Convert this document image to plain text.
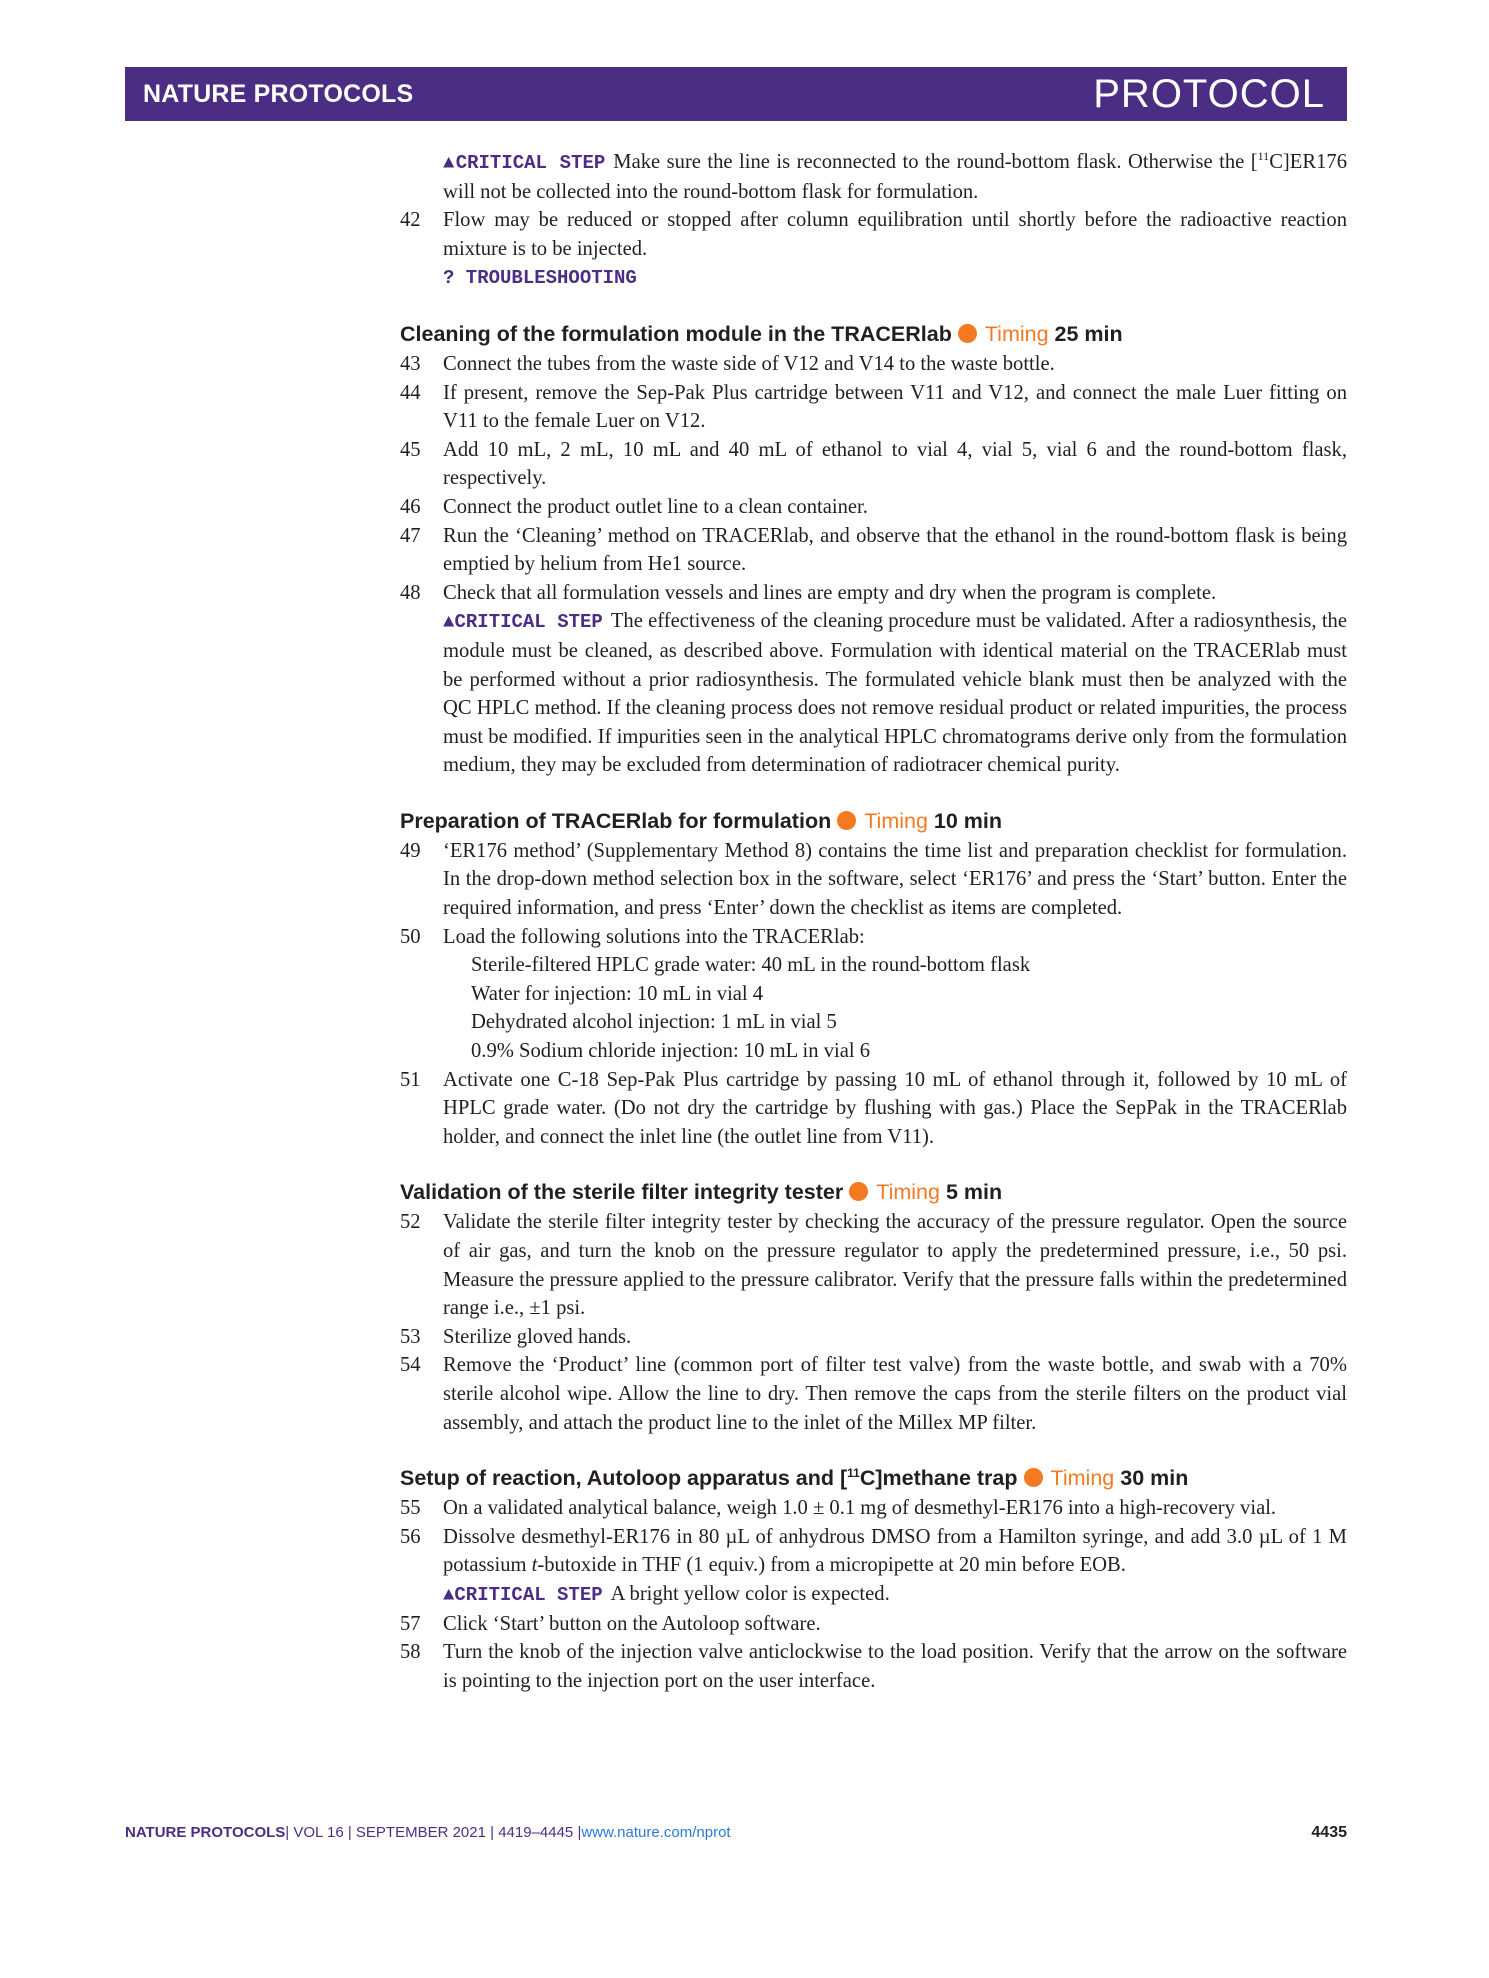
NATURE PROTOCOLS	PROTOCOL
▲CRITICAL STEP Make sure the line is reconnected to the round-bottom flask. Otherwise the [$^{11}$C]ER176 will not be collected into the round-bottom flask for formulation.
42 Flow may be reduced or stopped after column equilibration until shortly before the radioactive reaction mixture is to be injected.
? TROUBLESHOOTING
Cleaning of the formulation module in the TRACERlab Timing 25 min
43 Connect the tubes from the waste side of V12 and V14 to the waste bottle.
44 If present, remove the Sep-Pak Plus cartridge between V11 and V12, and connect the male Luer fitting on V11 to the female Luer on V12.
45 Add 10 mL, 2 mL, 10 mL and 40 mL of ethanol to vial 4, vial 5, vial 6 and the round-bottom flask, respectively.
46 Connect the product outlet line to a clean container.
47 Run the ‘Cleaning’ method on TRACERlab, and observe that the ethanol in the round-bottom flask is being emptied by helium from He1 source.
48 Check that all formulation vessels and lines are empty and dry when the program is complete.
▲CRITICAL STEP The effectiveness of the cleaning procedure must be validated. After a radiosynthesis, the module must be cleaned, as described above. Formulation with identical material on the TRACERlab must be performed without a prior radiosynthesis. The formulated vehicle blank must then be analyzed with the QC HPLC method. If the cleaning process does not remove residual product or related impurities, the process must be modified. If impurities seen in the analytical HPLC chromatograms derive only from the formulation medium, they may be excluded from determination of radiotracer chemical purity.
Preparation of TRACERlab for formulation Timing 10 min
49 ‘ER176 method’ (Supplementary Method 8) contains the time list and preparation checklist for formulation. In the drop-down method selection box in the software, select ‘ER176’ and press the ‘Start’ button. Enter the required information, and press ‘Enter’ down the checklist as items are completed.
50 Load the following solutions into the TRACERlab:
Sterile-filtered HPLC grade water: 40 mL in the round-bottom flask
Water for injection: 10 mL in vial 4
Dehydrated alcohol injection: 1 mL in vial 5
0.9% Sodium chloride injection: 10 mL in vial 6
51 Activate one C-18 Sep-Pak Plus cartridge by passing 10 mL of ethanol through it, followed by 10 mL of HPLC grade water. (Do not dry the cartridge by flushing with gas.) Place the SepPak in the TRACERlab holder, and connect the inlet line (the outlet line from V11).
Validation of the sterile filter integrity tester Timing 5 min
52 Validate the sterile filter integrity tester by checking the accuracy of the pressure regulator. Open the source of air gas, and turn the knob on the pressure regulator to apply the predetermined pressure, i.e., 50 psi. Measure the pressure applied to the pressure calibrator. Verify that the pressure falls within the predetermined range i.e., ±1 psi.
53 Sterilize gloved hands.
54 Remove the ‘Product’ line (common port of filter test valve) from the waste bottle, and swab with a 70% sterile alcohol wipe. Allow the line to dry. Then remove the caps from the sterile filters on the product vial assembly, and attach the product line to the inlet of the Millex MP filter.
Setup of reaction, Autoloop apparatus and [$^{11}$C]methane trap Timing 30 min
55 On a validated analytical balance, weigh 1.0 ± 0.1 mg of desmethyl-ER176 into a high-recovery vial.
56 Dissolve desmethyl-ER176 in 80 µL of anhydrous DMSO from a Hamilton syringe, and add 3.0 µL of 1 M potassium t-butoxide in THF (1 equiv.) from a micropipette at 20 min before EOB.
▲CRITICAL STEP A bright yellow color is expected.
57 Click ‘Start’ button on the Autoloop software.
58 Turn the knob of the injection valve anticlockwise to the load position. Verify that the arrow on the software is pointing to the injection port on the user interface.
NATURE PROTOCOLS| VOL 16 | SEPTEMBER 2021 | 4419–4445 |www.nature.com/nprot	4435
